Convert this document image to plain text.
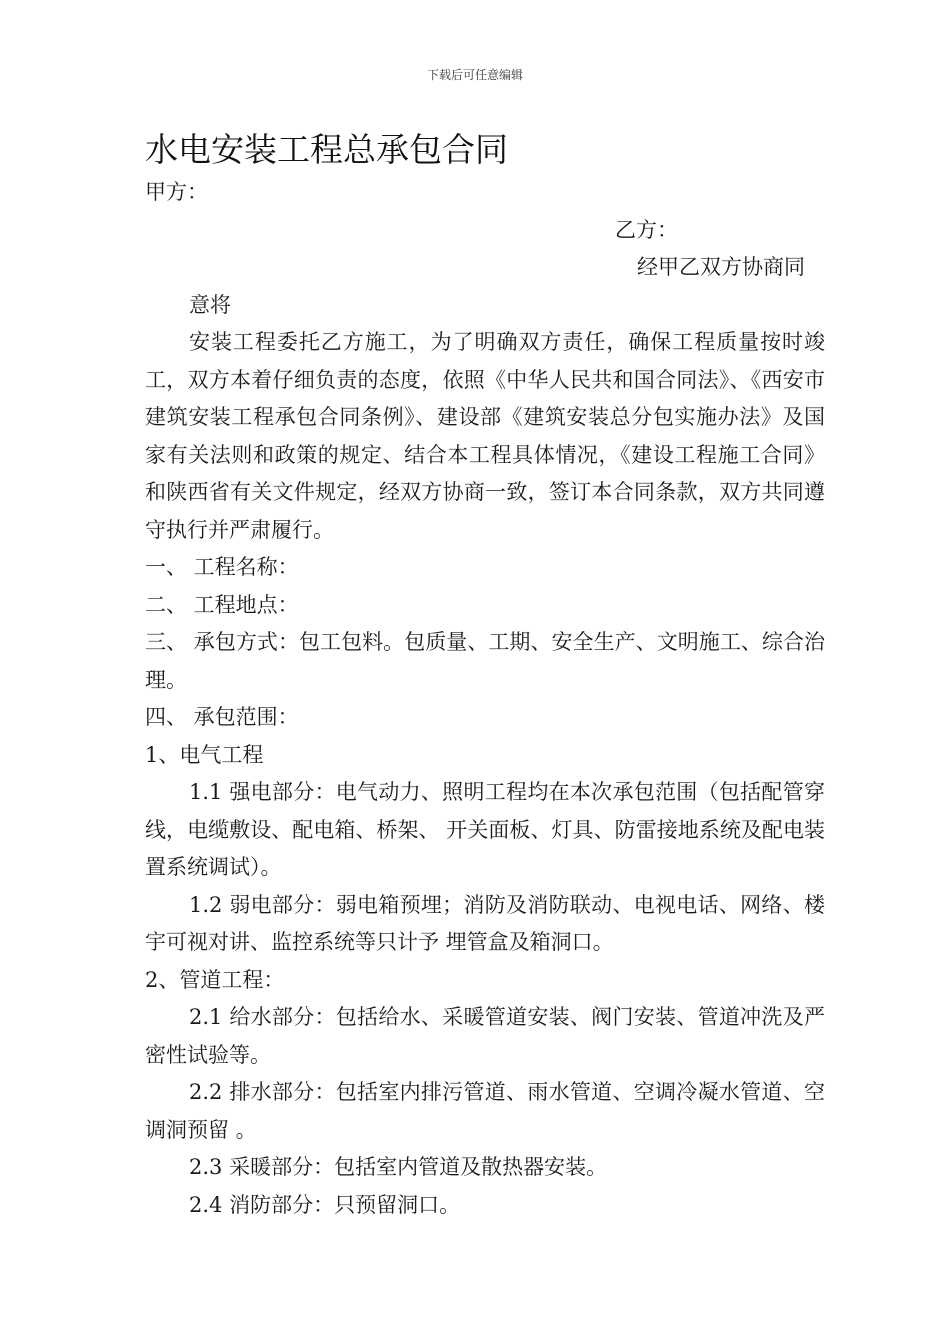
下载后可任意编辑
水电安装工程总承包合同

甲方：

乙方：

经甲乙双方协商同

意将

安装工程委托乙方施工，为了明确双方责任，确保工程质量按时竣工，双方本着仔细负责的态度，依照《中华人民共和国合同法》、《西安市建筑安装工程承包合同条例》、建设部《建筑安装总分包实施办法》及国家有关法则和政策的规定、结合本工程具体情况，《建设工程施工合同》和陕西省有关文件规定，经双方协商一致，签订本合同条款，双方共同遵守执行并严肃履行。

一、 工程名称：

二、 工程地点：

三、 承包方式：包工包料。包质量、工期、安全生产、文明施工、综合治理。

四、 承包范围：

1、电气工程

1.1 强电部分：电气动力、照明工程均在本次承包范围（包括配管穿线，电缆敷设、配电箱、桥架、 开关面板、灯具、防雷接地系统及配电装置系统调试）。

1.2 弱电部分：弱电箱预埋；消防及消防联动、电视电话、网络、楼宇可视对讲、监控系统等只计予 埋管盒及箱洞口。

2、管道工程：

2.1 给水部分：包括给水、采暖管道安装、阀门安装、管道冲洗及严密性试验等。

2.2 排水部分：包括室内排污管道、雨水管道、空调冷凝水管道、空调洞预留 。

2.3 采暖部分：包括室内管道及散热器安装。

2.4 消防部分：只预留洞口。
